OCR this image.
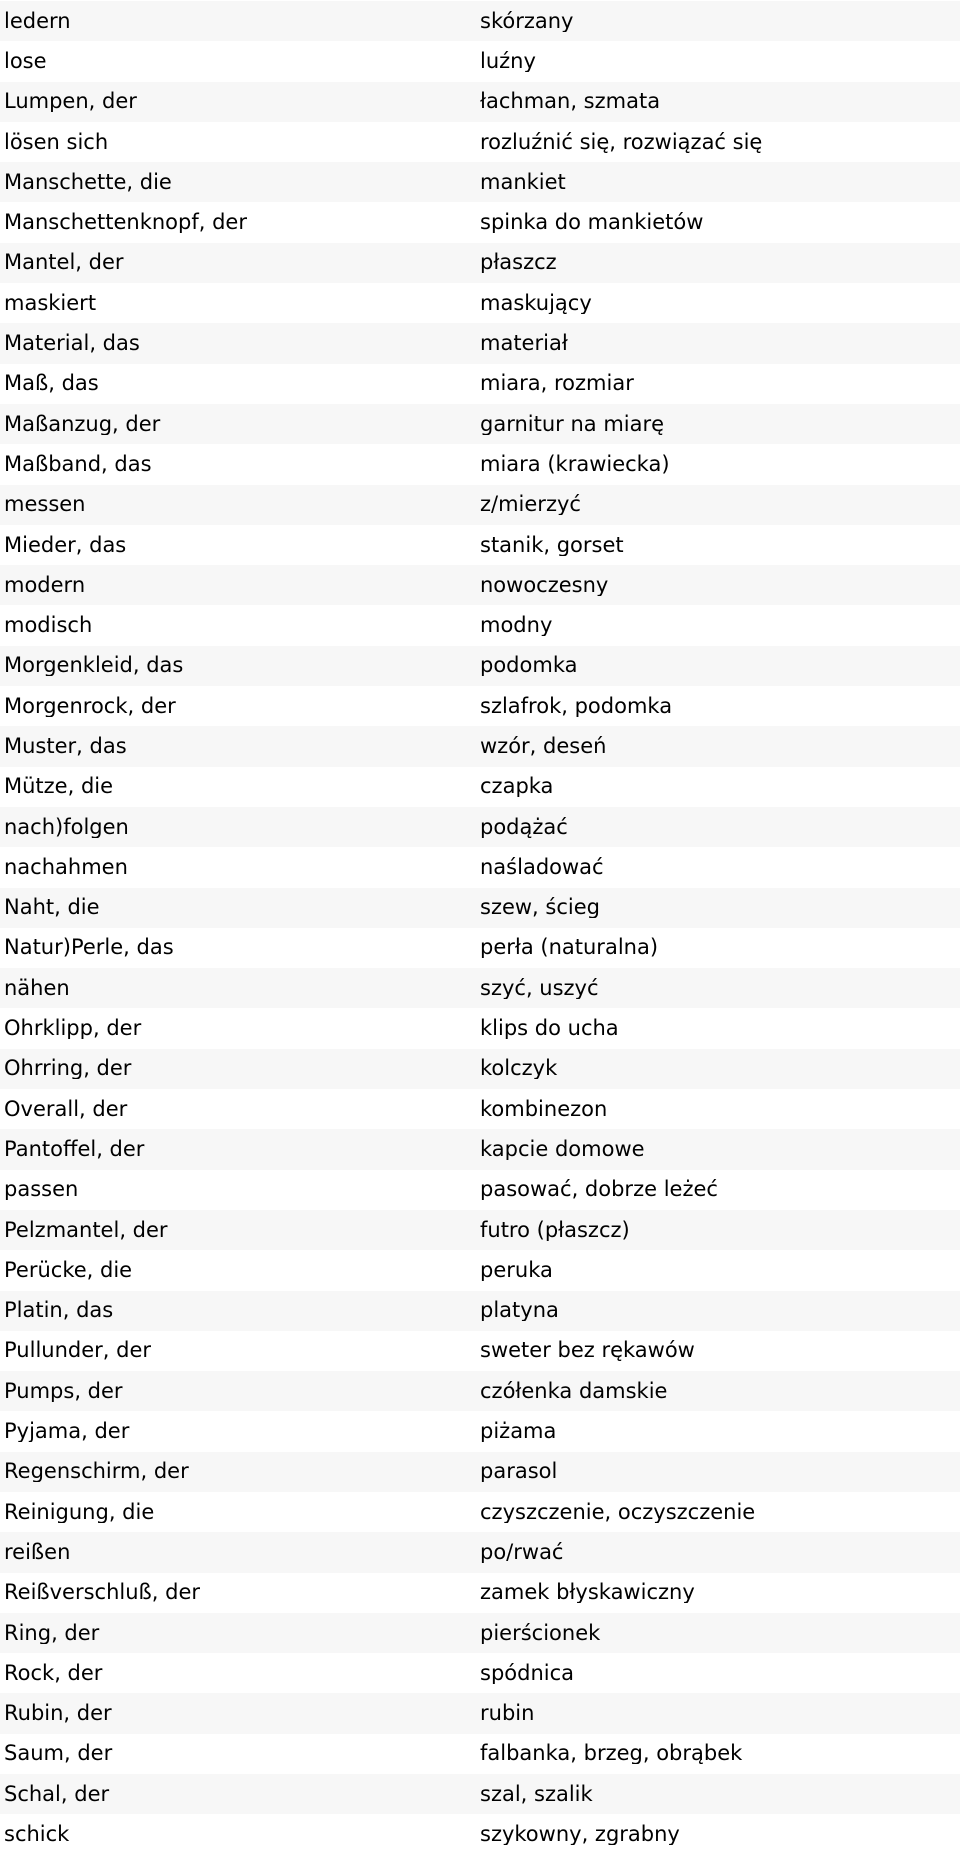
ledern	skórzany
lose	luźny
Lumpen, der	łachman, szmata
lösen sich	rozluźnić się, rozwiązać się
Manschette, die	mankiet
Manschettenknopf, der	spinka do mankietów
Mantel, der	płaszcz
maskiert	maskujący
Material, das	materiał
Maß, das	miara, rozmiar
Maßanzug, der	garnitur na miarę
Maßband, das	miara (krawiecka)
messen	z/mierzyć
Mieder, das	stanik, gorset
modern	nowoczesny
modisch	modny
Morgenkleid, das	podomka
Morgenrock, der	szlafrok, podomka
Muster, das	wzór, deseń
Mütze, die	czapka
nach)folgen	podążać
nachahmen	naśladować
Naht, die	szew, ścieg
Natur)Perle, das	perła (naturalna)
nähen	szyć, uszyć
Ohrklipp, der	klips do ucha
Ohrring, der	kolczyk
Overall, der	kombinezon
Pantoffel, der	kapcie domowe
passen	pasować, dobrze leżeć
Pelzmantel, der	futro (płaszcz)
Perücke, die	peruka
Platin, das	platyna
Pullunder, der	sweter bez rękawów
Pumps, der	czółenka damskie
Pyjama, der	piżama
Regenschirm, der	parasol
Reinigung, die	czyszczenie, oczyszczenie
reißen	po/rwać
Reißverschluß, der	zamek błyskawiczny
Ring, der	pierścionek
Rock, der	spódnica
Rubin, der	rubin
Saum, der	falbanka, brzeg, obrąbek
Schal, der	szal, szalik
schick	szykowny, zgrabny
